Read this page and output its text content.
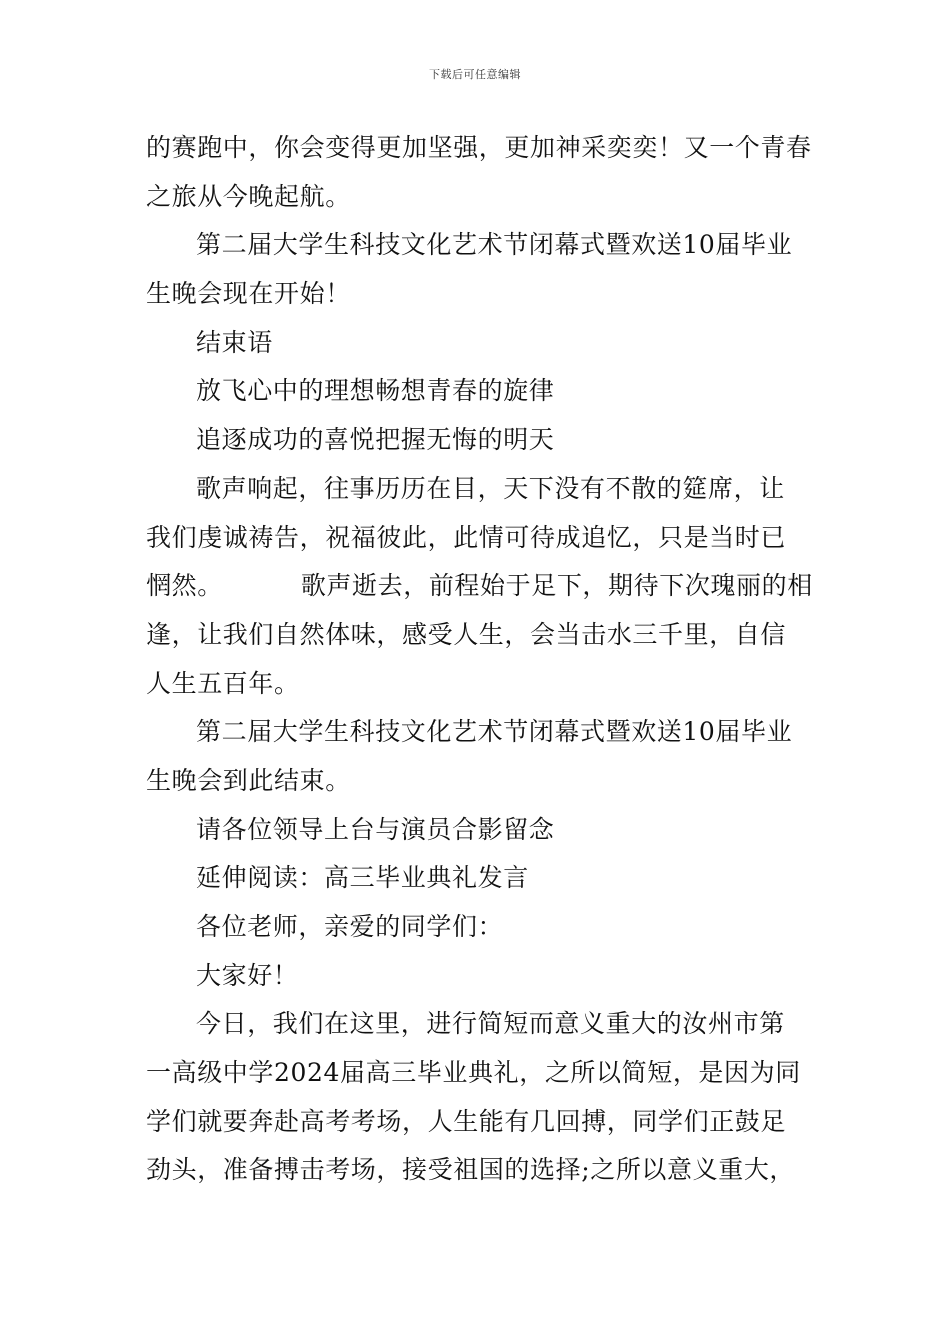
下载后可任意编辑
的赛跑中，你会变得更加坚强，更加神采奕奕！又一个青春
之旅从今晚起航。
第二届大学生科技文化艺术节闭幕式暨欢送10届毕业
生晚会现在开始！
结束语
放飞心中的理想畅想青春的旋律
追逐成功的喜悦把握无悔的明天
歌声响起，往事历历在目，天下没有不散的筵席，让
我们虔诚祷告，祝福彼此，此情可待成追忆，只是当时已
惘然。	歌声逝去，前程始于足下，期待下次瑰丽的相
逢，让我们自然体味，感受人生，会当击水三千里，自信
人生五百年。
第二届大学生科技文化艺术节闭幕式暨欢送10届毕业
生晚会到此结束。
请各位领导上台与演员合影留念
延伸阅读：高三毕业典礼发言
各位老师，亲爱的同学们：
大家好！
今日，我们在这里，进行简短而意义重大的汝州市第
一高级中学2024届高三毕业典礼，之所以简短，是因为同
学们就要奔赴高考考场，人生能有几回搏，同学们正鼓足
劲头，准备搏击考场，接受祖国的选择;之所以意义重大，
